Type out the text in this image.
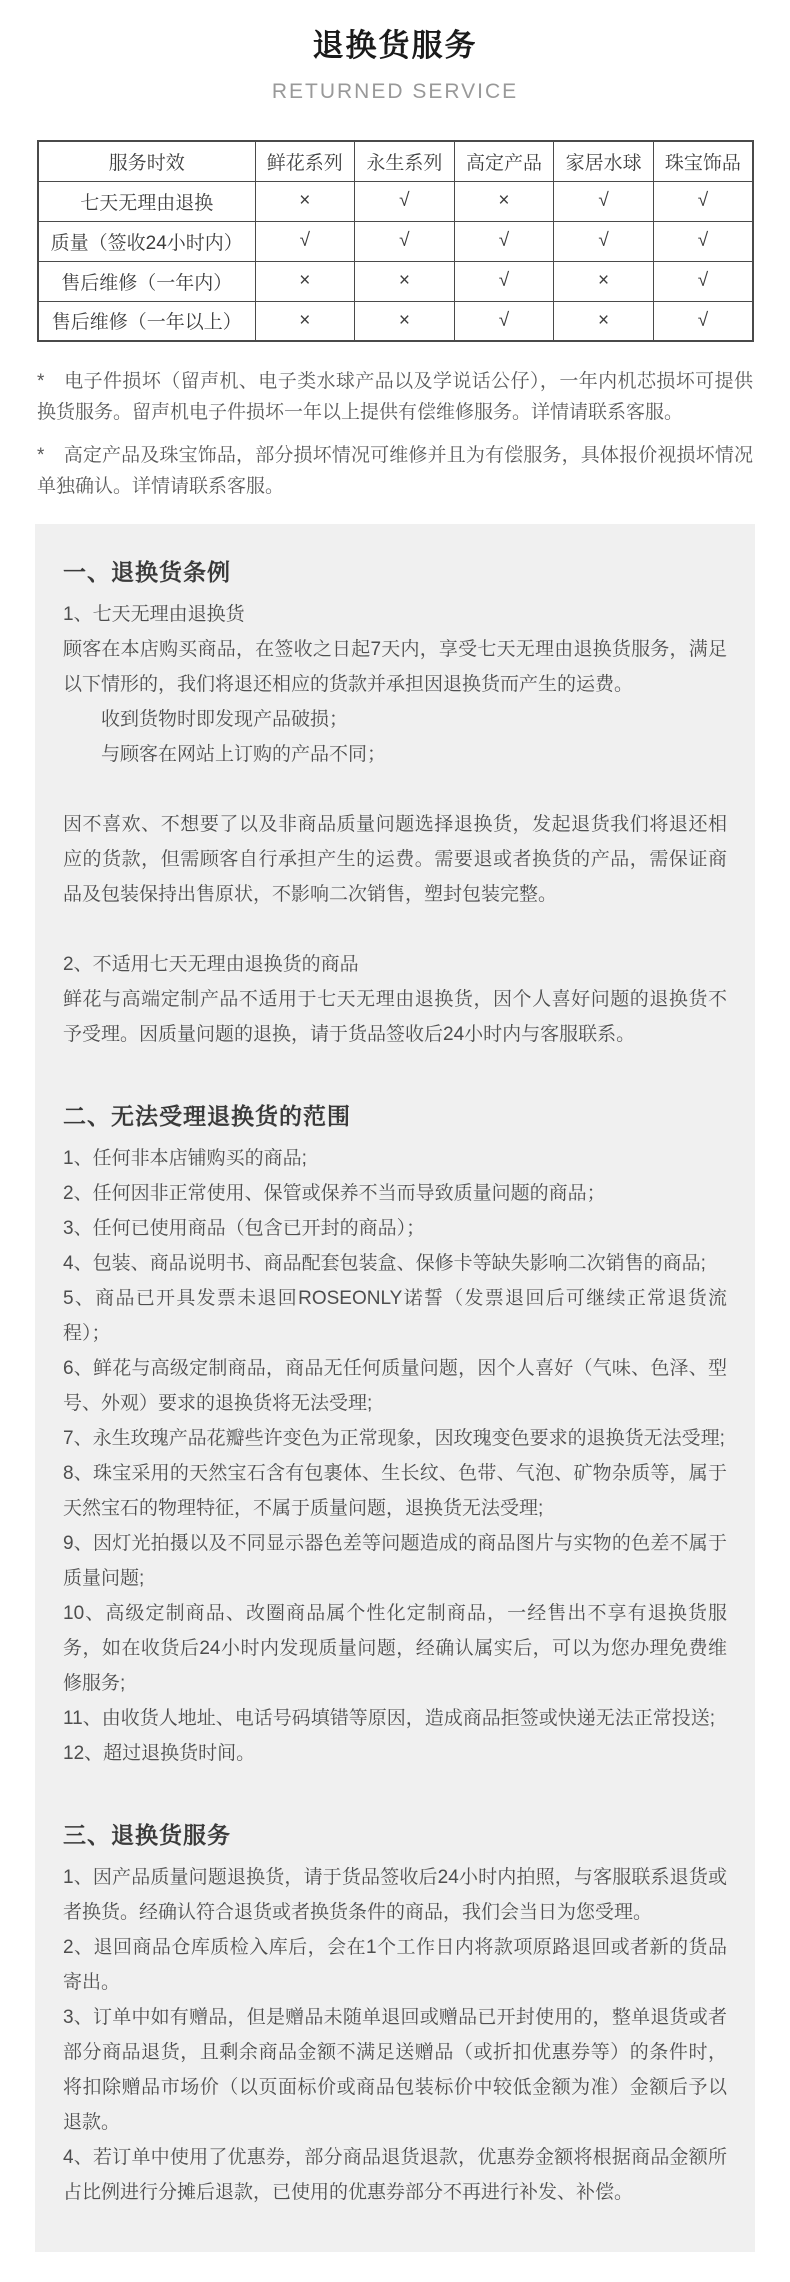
退换货服务
RETURNED SERVICE
服务时效	鲜花系列	永生系列	高定产品	家居水球	珠宝饰品
七天无理由退换	×	√	×	√	√
质量（签收24小时内）	√	√	√	√	√
售后维修（一年内）	×	×	√	×	√
售后维修（一年以上）	×	×	√	×	√

*　电子件损坏（留声机、电子类水球产品以及学说话公仔），一年内机芯损坏可提供换货服务。留声机电子件损坏一年以上提供有偿维修服务。详情请联系客服。

*　高定产品及珠宝饰品，部分损坏情况可维修并且为有偿服务，具体报价视损坏情况单独确认。详情请联系客服。

一、退换货条例

1、七天无理由退换货

顾客在本店购买商品，在签收之日起7天内，享受七天无理由退换货服务，满足以下情形的，我们将退还相应的货款并承担因退换货而产生的运费。

收到货物时即发现产品破损；

与顾客在网站上订购的产品不同；

因不喜欢、不想要了以及非商品质量问题选择退换货，发起退货我们将退还相应的货款，但需顾客自行承担产生的运费。需要退或者换货的产品，需保证商品及包装保持出售原状，不影响二次销售，塑封包装完整。

2、不适用七天无理由退换货的商品

鲜花与高端定制产品不适用于七天无理由退换货，因个人喜好问题的退换货不予受理。因质量问题的退换，请于货品签收后24小时内与客服联系。

二、无法受理退换货的范围

1、任何非本店铺购买的商品;

2、任何因非正常使用、保管或保养不当而导致质量问题的商品；

3、任何已使用商品（包含已开封的商品）；

4、包装、商品说明书、商品配套包装盒、保修卡等缺失影响二次销售的商品;

5、商品已开具发票未退回ROSEONLY诺誓（发票退回后可继续正常退货流程）；

6、鲜花与高级定制商品，商品无任何质量问题，因个人喜好（气味、色泽、型号、外观）要求的退换货将无法受理;

7、永生玫瑰产品花瓣些许变色为正常现象，因玫瑰变色要求的退换货无法受理;

8、珠宝采用的天然宝石含有包裹体、生长纹、色带、气泡、矿物杂质等，属于天然宝石的物理特征，不属于质量问题，退换货无法受理;

9、因灯光拍摄以及不同显示器色差等问题造成的商品图片与实物的色差不属于质量问题;

10、高级定制商品、改圈商品属个性化定制商品，一经售出不享有退换货服务，如在收货后24小时内发现质量问题，经确认属实后，可以为您办理免费维修服务;

11、由收货人地址、电话号码填错等原因，造成商品拒签或快递无法正常投送;

12、超过退换货时间。

三、退换货服务

1、因产品质量问题退换货，请于货品签收后24小时内拍照，与客服联系退货或者换货。经确认符合退货或者换货条件的商品，我们会当日为您受理。

2、退回商品仓库质检入库后，会在1个工作日内将款项原路退回或者新的货品寄出。

3、订单中如有赠品，但是赠品未随单退回或赠品已开封使用的，整单退货或者部分商品退货，且剩余商品金额不满足送赠品（或折扣优惠券等）的条件时，将扣除赠品市场价（以页面标价或商品包装标价中较低金额为准）金额后予以退款。

4、若订单中使用了优惠券，部分商品退货退款，优惠券金额将根据商品金额所占比例进行分摊后退款，已使用的优惠券部分不再进行补发、补偿。
